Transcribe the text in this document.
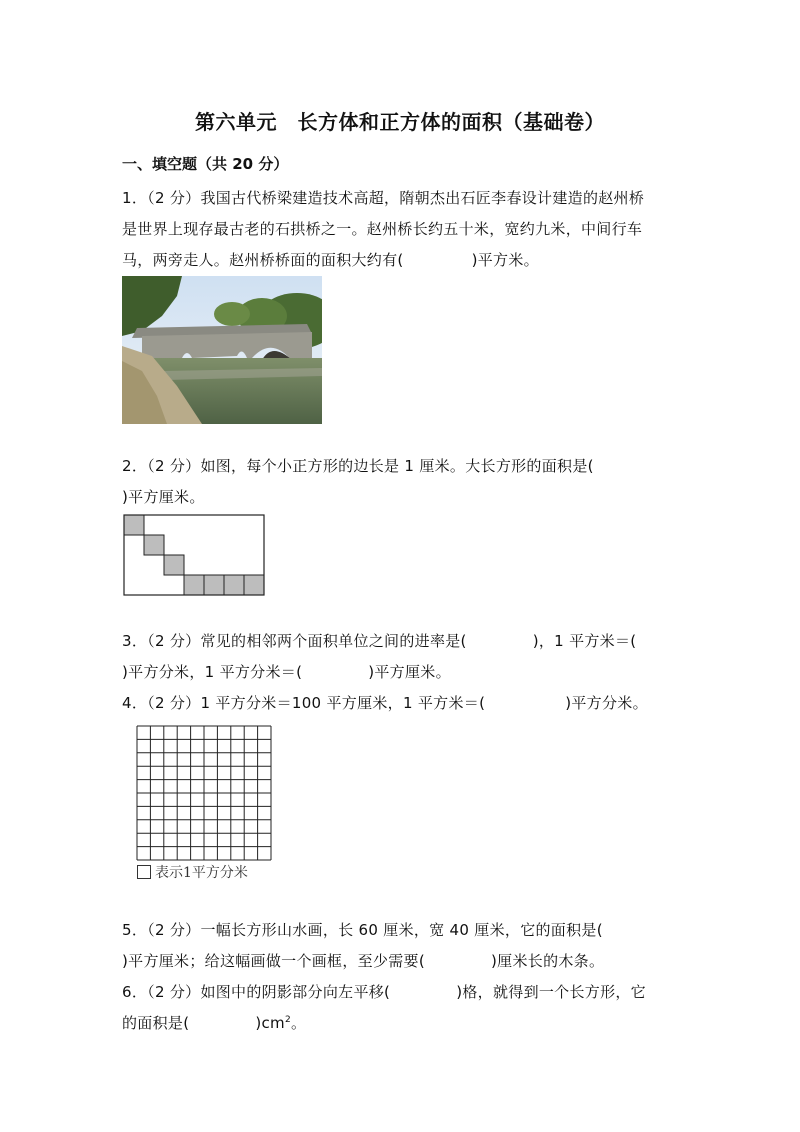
第六单元　长方体和正方体的面积（基础卷）
一、填空题（共 20 分）
1．（2 分）我国古代桥梁建造技术高超，隋朝杰出石匠李春设计建造的赵州桥
是世界上现存最古老的石拱桥之一。赵州桥长约五十米，宽约九米，中间行车
马，两旁走人。赵州桥桥面的面积大约有(	)平方米。
2．（2 分）如图，每个小正方形的边长是 1 厘米。大长方形的面积是(
)平方厘米。
3．（2 分）常见的相邻两个面积单位之间的进率是(	)，1 平方米＝(
)平方分米，1 平方分米＝(	)平方厘米。
4．（2 分）1 平方分米＝100 平方厘米，1 平方米＝(	)平方分米。
表示1平方分米
5．（2 分）一幅长方形山水画，长 60 厘米，宽 40 厘米，它的面积是(
)平方厘米；给这幅画做一个画框，至少需要(	)厘米长的木条。
6．（2 分）如图中的阴影部分向左平移(	)格，就得到一个长方形，它
的面积是(	)$cm^2$。
